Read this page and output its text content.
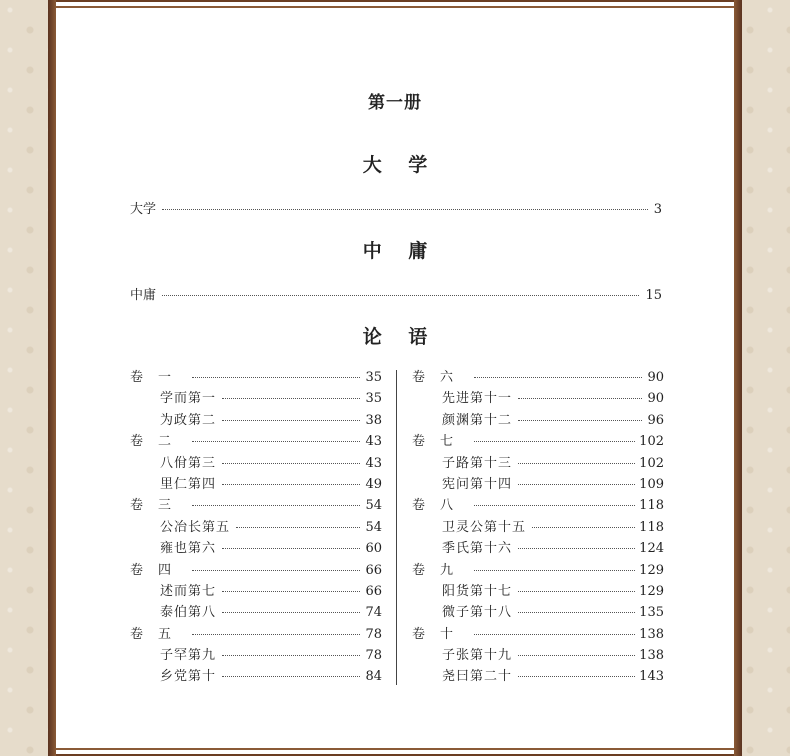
第一册
大 学
大学	3
中 庸
中庸	15
论 语
卷 一	35
学而第一	35
为政第二	38
卷 二	43
八佾第三	43
里仁第四	49
卷 三	54
公冶长第五	54
雍也第六	60
卷 四	66
述而第七	66
泰伯第八	74
卷 五	78
子罕第九	78
乡党第十	84
卷 六	90
先进第十一	90
颜渊第十二	96
卷 七	102
子路第十三	102
宪问第十四	109
卷 八	118
卫灵公第十五	118
季氏第十六	124
卷 九	129
阳货第十七	129
微子第十八	135
卷 十	138
子张第十九	138
尧曰第二十	143
